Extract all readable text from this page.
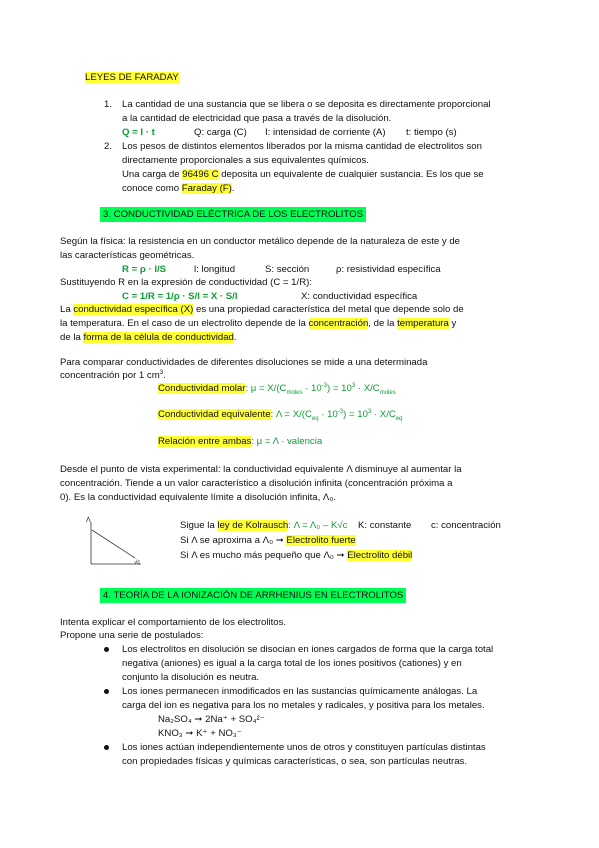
LEYES DE FARADAY
1. La cantidad de una sustancia que se libera o se deposita es directamente proporcional
a la cantidad de electricidad que pasa a través de la disolución.
Q = I · t	Q: carga (C) I: intensidad de corriente (A) t: tiempo (s)
2. Los pesos de distintos elementos liberados por la misma cantidad de electrolitos son
directamente proporcionales a sus equivalentes químicos.
Una carga de 96496 C deposita un equivalente de cualquier sustancia. Es los que se
conoce como Faraday (F).
3. CONDUCTIVIDAD ELÉCTRICA DE LOS ELECTROLITOS
Según la física: la resistencia en un conductor metálico depende de la naturaleza de este y de
las características geométricas.
R = ρ · l/S	l: longitud	S: sección	ρ: resistividad específica
Sustituyendo R en la expresión de conductividad (C = 1/R):
C = 1/R = 1/ρ · S/l = X · S/l	X: conductividad específica
La conductividad específica (X) es una propiedad característica del metal que depende solo de
la temperatura. En el caso de un electrolito depende de la concentración, de la temperatura y
de la forma de la célula de conductividad.
Para comparar conductividades de diferentes disoluciones se mide a una determinada
concentración por 1 $cm^3$.
Conductividad molar: $\mu = X/(C_{moles} \cdot 10^{-3}) = 10^3 \cdot X/C_{moles}$
Conductividad equivalente: $\Lambda = X/(C_{eq} \cdot 10^{-3}) = 10^3 \cdot X/C_{eq}$
Relación entre ambas: μ = Λ · valencia
Desde el punto de vista experimental: la conductividad equivalente Λ disminuye al aumentar la
concentración. Tiende a un valor característico a disolución infinita (concentración próxima a
0). Es la conductividad equivalente límite a disolución infinita, Λ₀.
Λ
√c
Sigue la ley de Kolrausch: Λ = Λ₀ – K√c K: constante c: concentración
Si Λ se aproxima a Λ₀ ➞ Electrolito fuerte
Si Λ es mucho más pequeño que Λ₀ ➞ Electrolito débil
4. TEORÍA DE LA IONIZACIÓN DE ARRHENIUS EN ELECTROLITOS
Intenta explicar el comportamiento de los electrolitos.
Propone una serie de postulados:
Los electrolitos en disolución se disocian en iones cargados de forma que la carga total
negativa (aniones) es igual a la carga total de los iones positivos (cationes) y en
conjunto la disolución es neutra.
Los iones permanecen inmodificados en las sustancias químicamente análogas. La
carga del ion es negativa para los no metales y radicales, y positiva para los metales.
Na₂SO₄ ➞ 2Na⁺ + SO₄²⁻
KNO₃ ➞ K⁺ + NO₃⁻
Los iones actúan independientemente unos de otros y constituyen partículas distintas
con propiedades físicas y químicas características, o sea, son partículas neutras.
